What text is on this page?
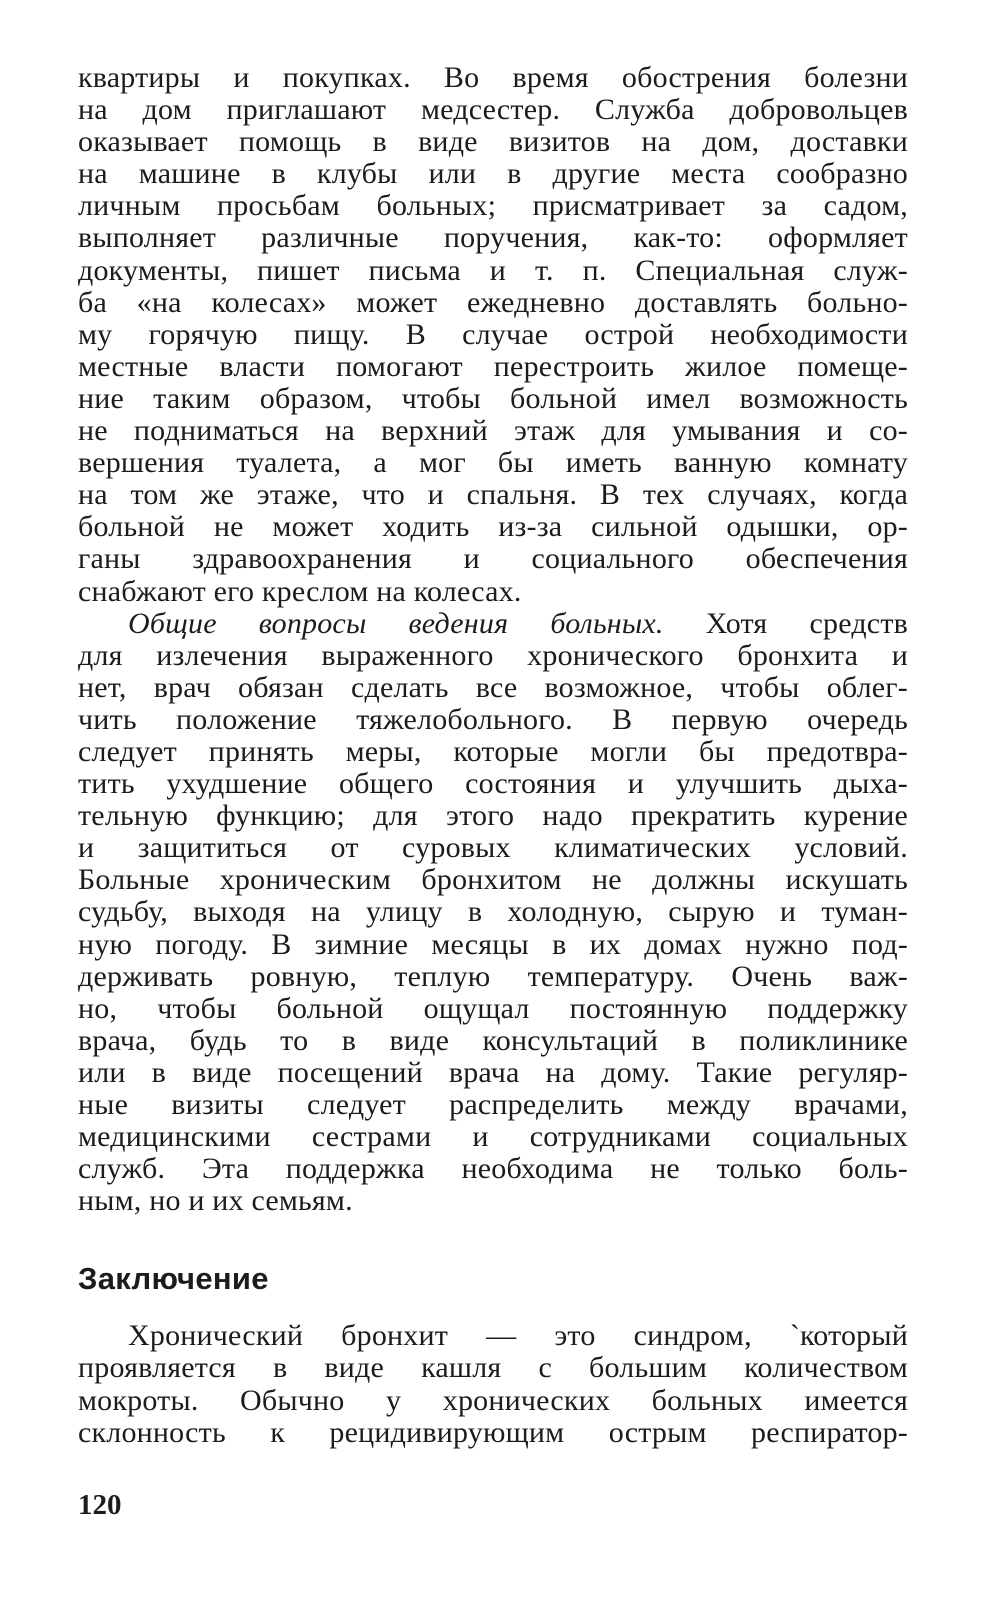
квартиры и покупках. Во время обострения болезни
на дом приглашают медсестер. Служба добровольцев
оказывает помощь в виде визитов на дом, доставки
на машине в клубы или в другие места сообразно
личным просьбам больных; присматривает за садом,
выполняет различные поручения, как-то: оформляет
документы, пишет письма и т. п. Специальная служ-
ба «на колесах» может ежедневно доставлять больно-
му горячую пищу. В случае острой необходимости
местные власти помогают перестроить жилое помеще-
ние таким образом, чтобы больной имел возможность
не подниматься на верхний этаж для умывания и со-
вершения туалета, а мог бы иметь ванную комнату
на том же этаже, что и спальня. В тех случаях, когда
больной не может ходить из-за сильной одышки, ор-
ганы здравоохранения и социального обеспечения
снабжают его креслом на колесах.
Общие вопросы ведения больных. Хотя средств
для излечения выраженного хронического бронхита и
нет, врач обязан сделать все возможное, чтобы облег-
чить положение тяжелобольного. В первую очередь
следует принять меры, которые могли бы предотвра-
тить ухудшение общего состояния и улучшить дыха-
тельную функцию; для этого надо прекратить курение
и защититься от суровых климатических условий.
Больные хроническим бронхитом не должны искушать
судьбу, выходя на улицу в холодную, сырую и туман-
ную погоду. В зимние месяцы в их домах нужно под-
держивать ровную, теплую температуру. Очень важ-
но, чтобы больной ощущал постоянную поддержку
врача, будь то в виде консультаций в поликлинике
или в виде посещений врача на дому. Такие регуляр-
ные визиты следует распределить между врачами,
медицинскими сестрами и сотрудниками социальных
служб. Эта поддержка необходима не только боль-
ным, но и их семьям.
Заключение
Хронический бронхит — это синдром, `который
проявляется в виде кашля с большим количеством
мокроты. Обычно у хронических больных имеется
склонность к рецидивирующим острым респиратор-
120
